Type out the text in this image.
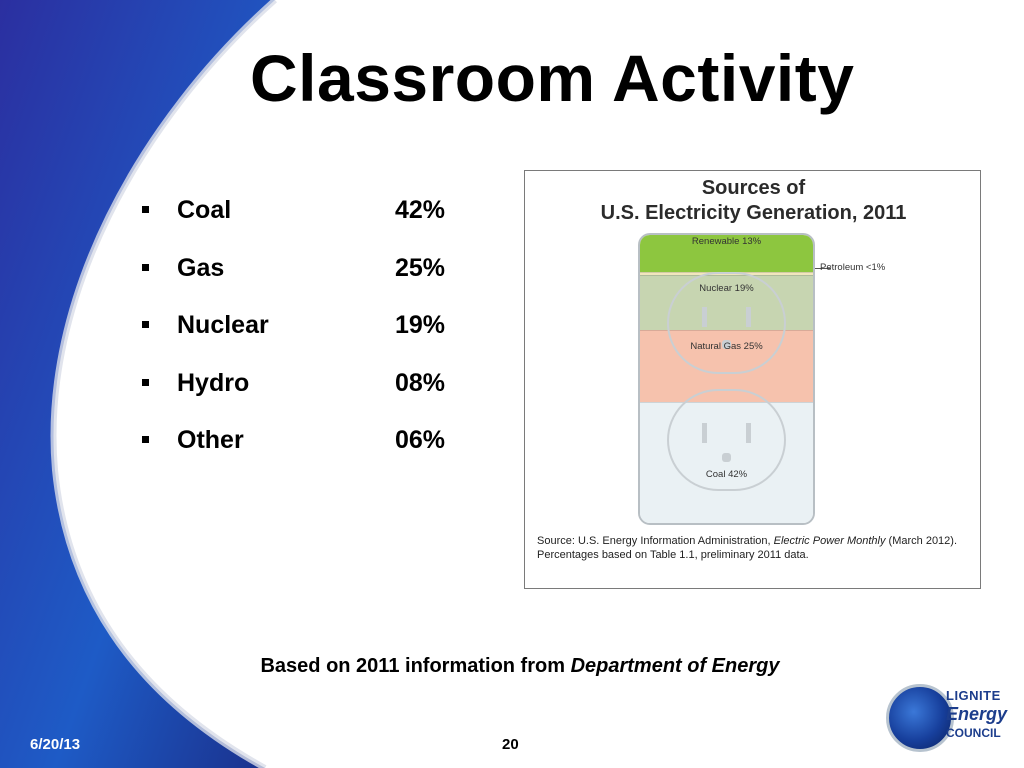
Classroom Activity
Coal	42%
Gas	25%
Nuclear	19%
Hydro	08%
Other	06%
Sources of
U.S. Electricity Generation, 2011
Renewable 13%
Nuclear 19%
Natural Gas 25%
Coal 42%
Petroleum <1%
Source: U.S. Energy Information Administration, Electric Power Monthly (March 2012). Percentages based on Table 1.1, preliminary 2011 data.
Based on 2011 information from Department of Energy
6/20/13	20
LIGNITE
Energy
COUNCIL
